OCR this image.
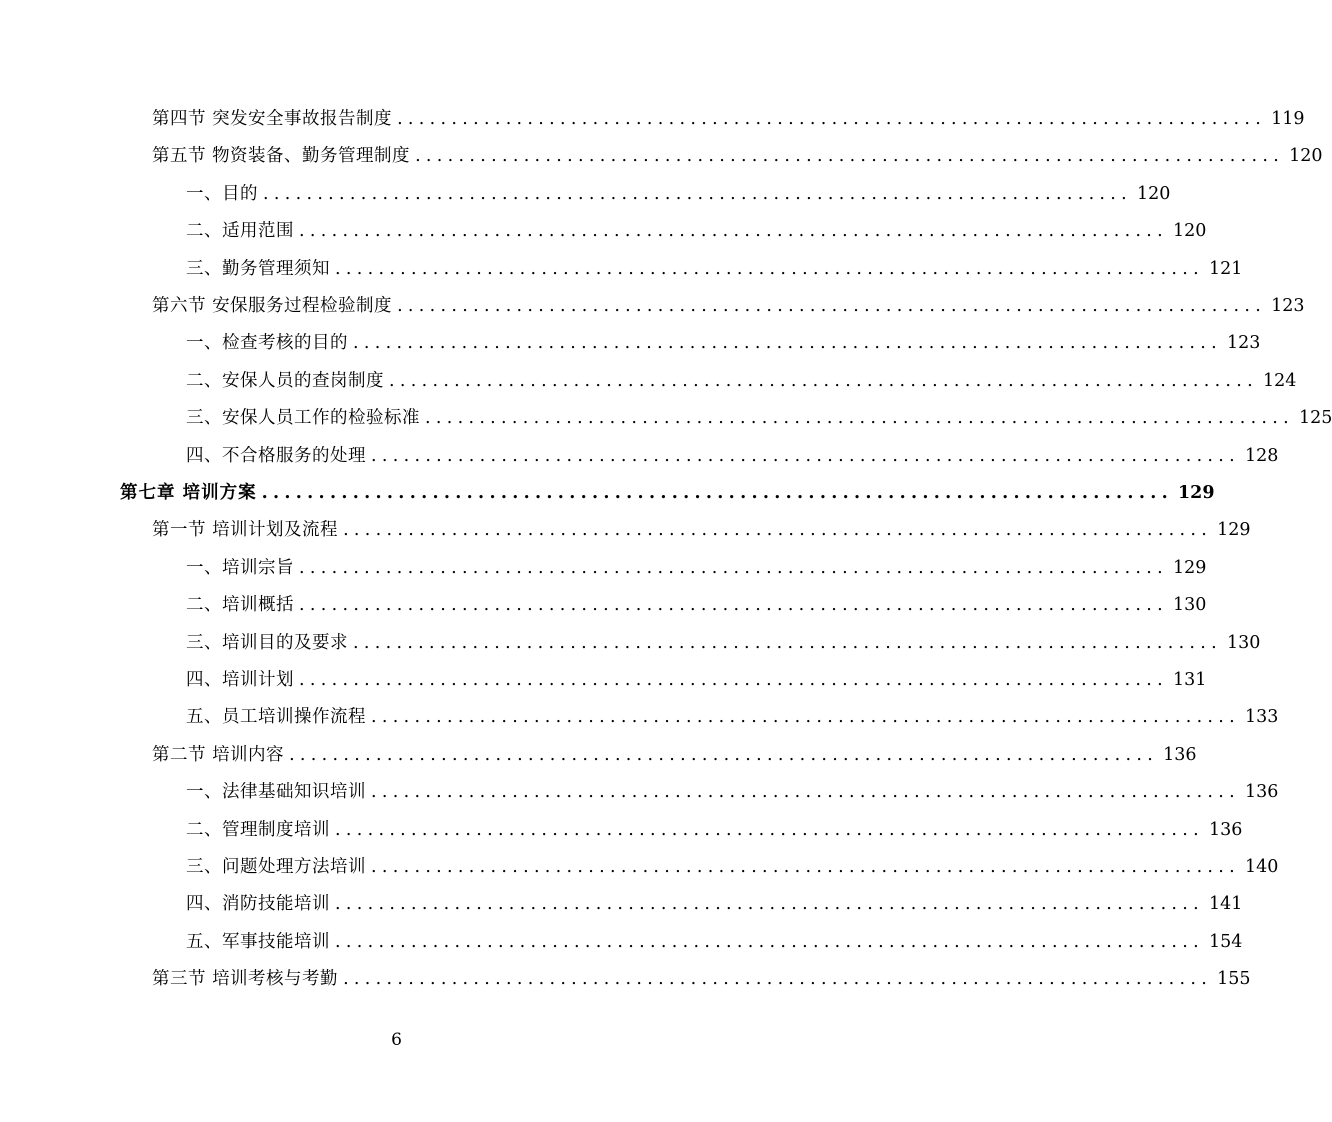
第四节 突发安全事故报告制度 ................................................................................ 119
第五节 物资装备、勤务管理制度 ................................................................................ 120
一、目的 ................................................................................ 120
二、适用范围 ................................................................................ 120
三、勤务管理须知 ................................................................................ 121
第六节 安保服务过程检验制度 ................................................................................ 123
一、检查考核的目的 ................................................................................ 123
二、安保人员的查岗制度 ................................................................................ 124
三、安保人员工作的检验标准 ................................................................................ 125
四、不合格服务的处理 ................................................................................ 128
第七章 培训方案 ................................................................................ 129
第一节 培训计划及流程 ................................................................................ 129
一、培训宗旨 ................................................................................ 129
二、培训概括 ................................................................................ 130
三、培训目的及要求 ................................................................................ 130
四、培训计划 ................................................................................ 131
五、员工培训操作流程 ................................................................................ 133
第二节 培训内容 ................................................................................ 136
一、法律基础知识培训 ................................................................................ 136
二、管理制度培训 ................................................................................ 136
三、问题处理方法培训 ................................................................................ 140
四、消防技能培训 ................................................................................ 141
五、军事技能培训 ................................................................................ 154
第三节 培训考核与考勤 ................................................................................ 155
6
